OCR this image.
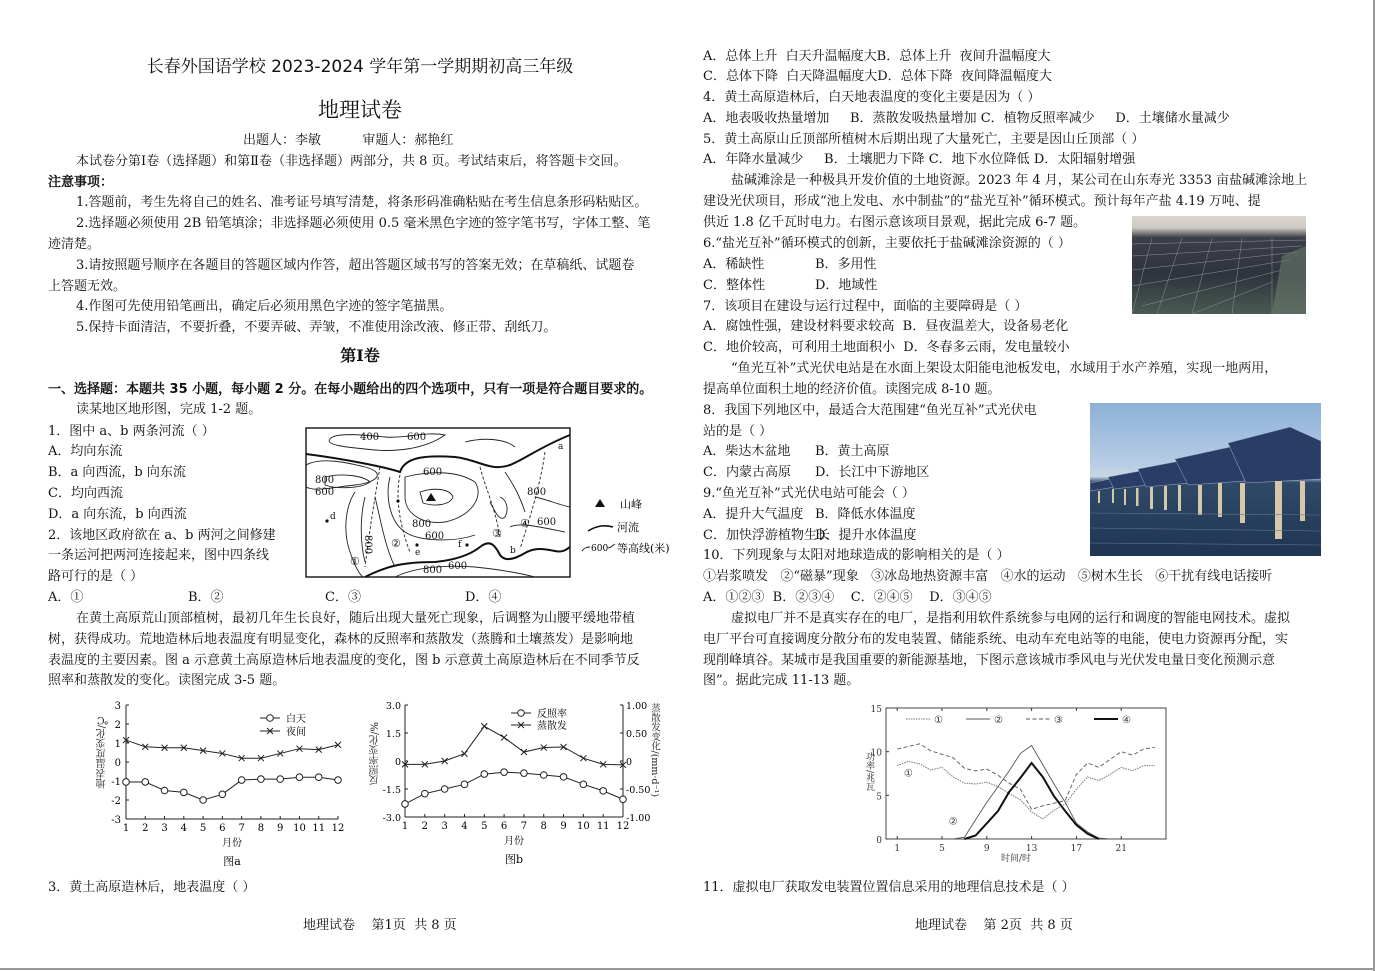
长春外国语学校 2023-2024 学年第一学期期初高三年级
地理试卷
出题人：李敏          审题人：郝艳红
本试卷分第Ⅰ卷（选择题）和第Ⅱ卷（非选择题）两部分，共 8 页。考试结束后，将答题卡交回。
注意事项：
1.答题前，考生先将自己的姓名、准考证号填写清楚，将条形码准确粘贴在考生信息条形码粘贴区。
2.选择题必须使用 2B 铅笔填涂；非选择题必须使用 0.5 毫米黑色字迹的签字笔书写，字体工整、笔
迹清楚。
3.请按照题号顺序在各题目的答题区域内作答，超出答题区域书写的答案无效；在草稿纸、试题卷
上答题无效。
4.作图可先使用铅笔画出，确定后必须用黑色字迹的签字笔描黑。
5.保持卡面清洁，不要折叠，不要弄破、弄皱，不准使用涂改液、修正带、刮纸刀。
第Ⅰ卷
一、选择题：本题共 35 小题，每小题 2 分。在每小题给出的四个选项中，只有一项是符合题目要求的。
读某地区地形图，完成 1-2 题。
1．图中 a、b 两条河流（ ）
A．均向东流
B．a 向西流，b 向东流
C．均向西流
D．a 向东流，b 向西流
2．该地区政府欲在 a、b 两河之间修建
一条运河把两河连接起来，图中四条线
路可行的是（ ）
A．①	B．②	C．③	D．④
400	600
600
800
600	800
800
600
800 600
600
800
a
b
e
d
f
①
②
③
④
山峰
河流
600 等高线(米)
在黄土高原荒山顶部植树，最初几年生长良好，随后出现大量死亡现象，后调整为山腰平缓地带植
树，获得成功。荒地造林后地表温度有明显变化，森林的反照率和蒸散发（蒸腾和土壤蒸发）是影响地
表温度的主要因素。图 a 示意黄土高原造林后地表温度的变化，图 b 示意黄土高原造林后在不同季节反
照率和蒸散发的变化。读图完成 3-5 题。
-3
-2
-1
0
1
2
3
1 2 3 4 5 6 7 8 9 10 11 12
月份
图a
白天
夜间
地表温度变化/℃
-3.0
-1.5
0
1.5
3.0
-1.00
-0.50
0
0.50
1.00
1 2 3 4 5 6 7 8 9 10 11 12
月份
图b
反照率
蒸散发
反照率变化/%	蒸散发变化/(mm·d⁻¹)
3．黄土高原造林后，地表温度（ ）
地理试卷    第1页  共 8 页
A．总体上升  白天升温幅度大B．总体上升  夜间升温幅度大
C．总体下降  白天降温幅度大D．总体下降  夜间降温幅度大
4．黄土高原造林后，白天地表温度的变化主要是因为（ ）
A．地表吸收热量增加     B．蒸散发吸热量增加 C．植物反照率减少     D．土壤储水量减少
5．黄土高原山丘顶部所植树木后期出现了大量死亡，主要是因山丘顶部（ ）
A．年降水量减少     B．土壤肥力下降 C．地下水位降低 D．太阳辐射增强
盐碱滩涂是一种极具开发价值的土地资源。2023 年 4 月，某公司在山东寿光 3353 亩盐碱滩涂地上
建设光伏项目，形成“池上发电、水中制盐”的“盐光互补”循环模式。预计每年产盐 4.19 万吨、提
供近 1.8 亿千瓦时电力。右图示意该项目景观，据此完成 6-7 题。
6.“盐光互补”循环模式的创新，主要依托于盐碱滩涂资源的（ ）
A．稀缺性	B．多用性
C．整体性	D．地域性
7．该项目在建设与运行过程中，面临的主要障碍是（ ）
A．腐蚀性强，建设材料要求较高  B．昼夜温差大，设备易老化
C．地价较高，可利用土地面积小  D．冬春多云雨，发电量较小
“鱼光互补”式光伏电站是在水面上架设太阳能电池板发电，水域用于水产养殖，实现一地两用，
提高单位面积土地的经济价值。读图完成 8-10 题。
8．我国下列地区中，最适合大范围建“鱼光互补”式光伏电
站的是（ ）
A．柴达木盆地 B．黄土高原
C．内蒙古高原 D．长江中下游地区
9.“鱼光互补”式光伏电站可能会（ ）
A．提升大气温度 B．降低水体温度
C．加快浮游植物生长
D．提升水体温度
10．下列现象与太阳对地球造成的影响相关的是（ ）
①岩浆喷发   ②“磁暴”现象   ③冰岛地热资源丰富   ④水的运动   ⑤树木生长   ⑥干扰有线电话接听
A．①②③  B．②③④    C．②④⑤    D．③④⑤
虚拟电厂并不是真实存在的电厂，是指利用软件系统参与电网的运行和调度的智能电网技术。虚拟
电厂平台可直接调度分散分布的发电装置、储能系统、电动车充电站等的电能，使电力资源再分配，实
现削峰填谷。某城市是我国重要的新能源基地，下图示意该城市季风电与光伏发电量日变化预测示意
图”。据此完成 11-13 题。
0
5
10
15
1	5	9	13	17	21
①	②	③	④
①
②
功率/兆瓦
时间/时
11．虚拟电厂获取发电装置位置信息采用的地理信息技术是（ ）
地理试卷    第 2页  共 8 页
